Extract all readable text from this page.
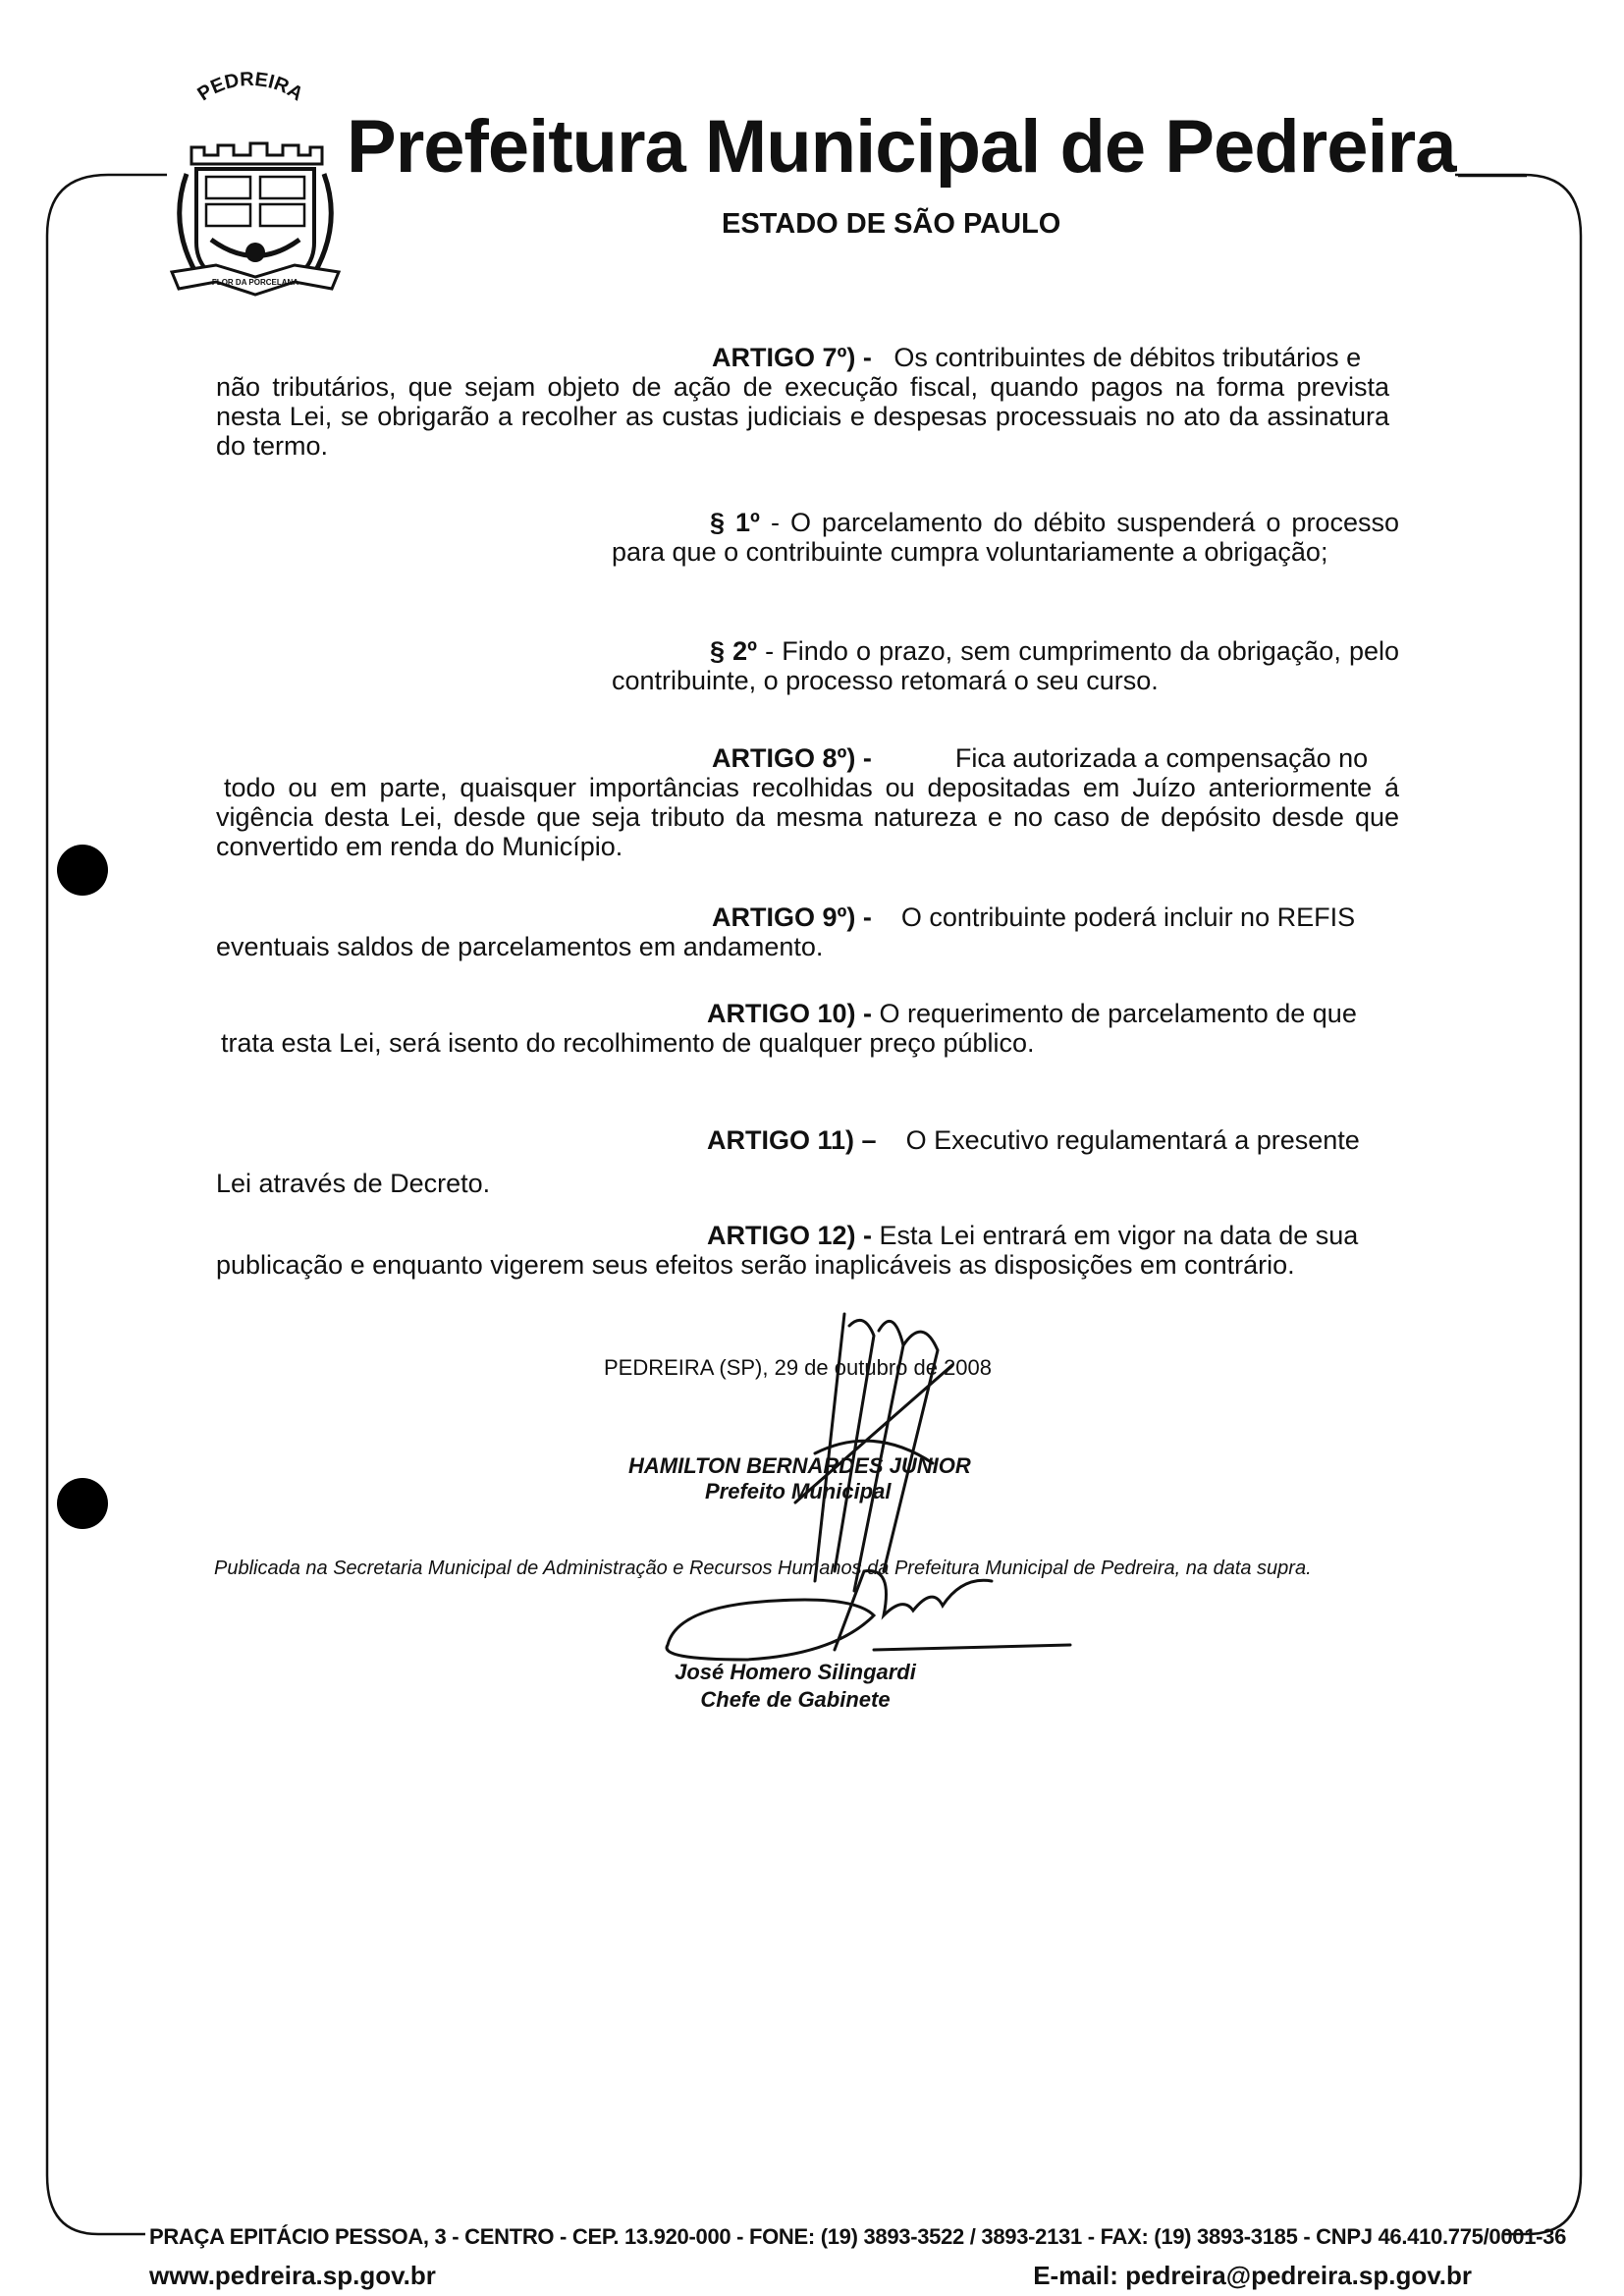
PEDREIRA
FLOR DA PORCELANA
Prefeitura Municipal de Pedreira
ESTADO DE SÃO PAULO
ARTIGO 7º) - Os contribuintes de débitos tributários e
não tributários, que sejam objeto de ação de execução fiscal, quando pagos na forma prevista nesta Lei, se obrigarão a recolher as custas judiciais e despesas processuais no ato da assinatura do termo.
§ 1º - O parcelamento do débito suspenderá o processo para que o contribuinte cumpra voluntariamente a obrigação;
§ 2º - Findo o prazo, sem cumprimento da obrigação, pelo contribuinte, o processo retomará o seu curso.
ARTIGO 8º) -	Fica autorizada a compensação no
todo ou em parte, quaisquer importâncias recolhidas ou depositadas em Juízo anteriormente á vigência desta Lei, desde que seja tributo da mesma natureza e no caso de depósito desde que convertido em renda do Município.
ARTIGO 9º) - O contribuinte poderá incluir no REFIS
eventuais saldos de parcelamentos em andamento.
ARTIGO 10) - O requerimento de parcelamento de que
trata esta Lei, será isento do recolhimento de qualquer preço público.
ARTIGO 11) – O Executivo regulamentará a presente
Lei através de Decreto.
ARTIGO 12) - Esta Lei entrará em vigor na data de sua
publicação e enquanto vigerem seus efeitos serão inaplicáveis as disposições em contrário.
PEDREIRA (SP), 29 de outubro de 2008
HAMILTON BERNARDES JUNIOR
Prefeito Municipal
Publicada na Secretaria Municipal de Administração e Recursos Humanos da Prefeitura Municipal de Pedreira, na data supra.
José Homero Silingardi
Chefe de Gabinete
PRAÇA EPITÁCIO PESSOA, 3 - CENTRO - CEP. 13.920-000 - FONE: (19) 3893-3522 / 3893-2131 - FAX: (19) 3893-3185 - CNPJ 46.410.775/0001-36
www.pedreira.sp.gov.br	E-mail: pedreira@pedreira.sp.gov.br
